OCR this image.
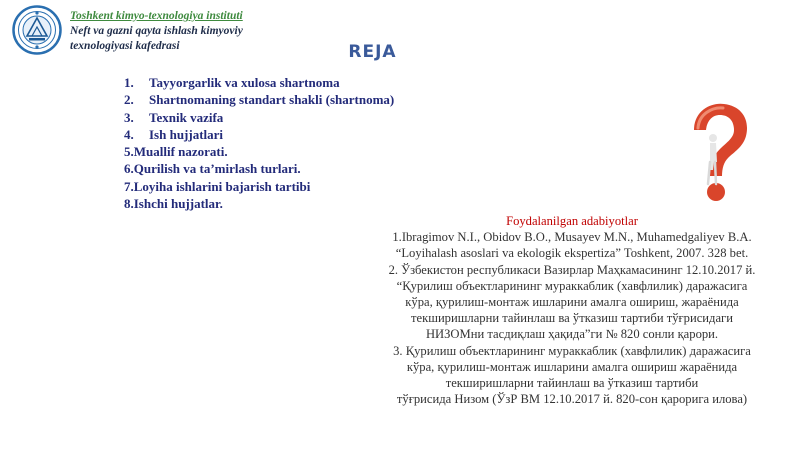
Toshkent kimyo-texnologiya instituti
Neft va gazni qayta ishlash kimyoviy
texnologiyasi kafedrasi	REJA
1. Tayyorgarlik va xulosa shartnoma
2. Shartnomaning standart shakli (shartnoma)
3. Texnik vazifa
4. Ish hujjatlari
5.Muallif nazorati.
6.Qurilish va ta’mirlash turlari.
7.Loyiha ishlarini bajarish tartibi
8.Ishchi hujjatlar.
Foydalanilgan adabiyotlar
1.Ibragimov N.I., Obidov B.O., Musayev M.N., Muhamedgaliyev B.A.
“Loyihalash asoslari va ekologik ekspertiza” Toshkent, 2007. 328 bet.
2. Ўзбекистон республикаси Вазирлар Маҳкамасининг 12.10.2017 й.
“Қурилиш объектларининг мураккаблик (хавфлилик) даражасига
кўра, қурилиш-монтаж ишларини амалга ошириш, жараёнида
текширишларни тайинлаш ва ўтказиш тартиби тўғрисидаги
НИЗОМни тасдиқлаш ҳақида”ги № 820 сонли қарори.
3. Қурилиш объектларининг мураккаблик (хавфлилик) даражасига
кўра, қурилиш-монтаж ишларини амалга ошириш жараёнида
текширишларни тайинлаш ва ўтказиш тартиби
тўғрисида Низом (ЎзР ВМ 12.10.2017 й. 820-сон қарорига илова)
